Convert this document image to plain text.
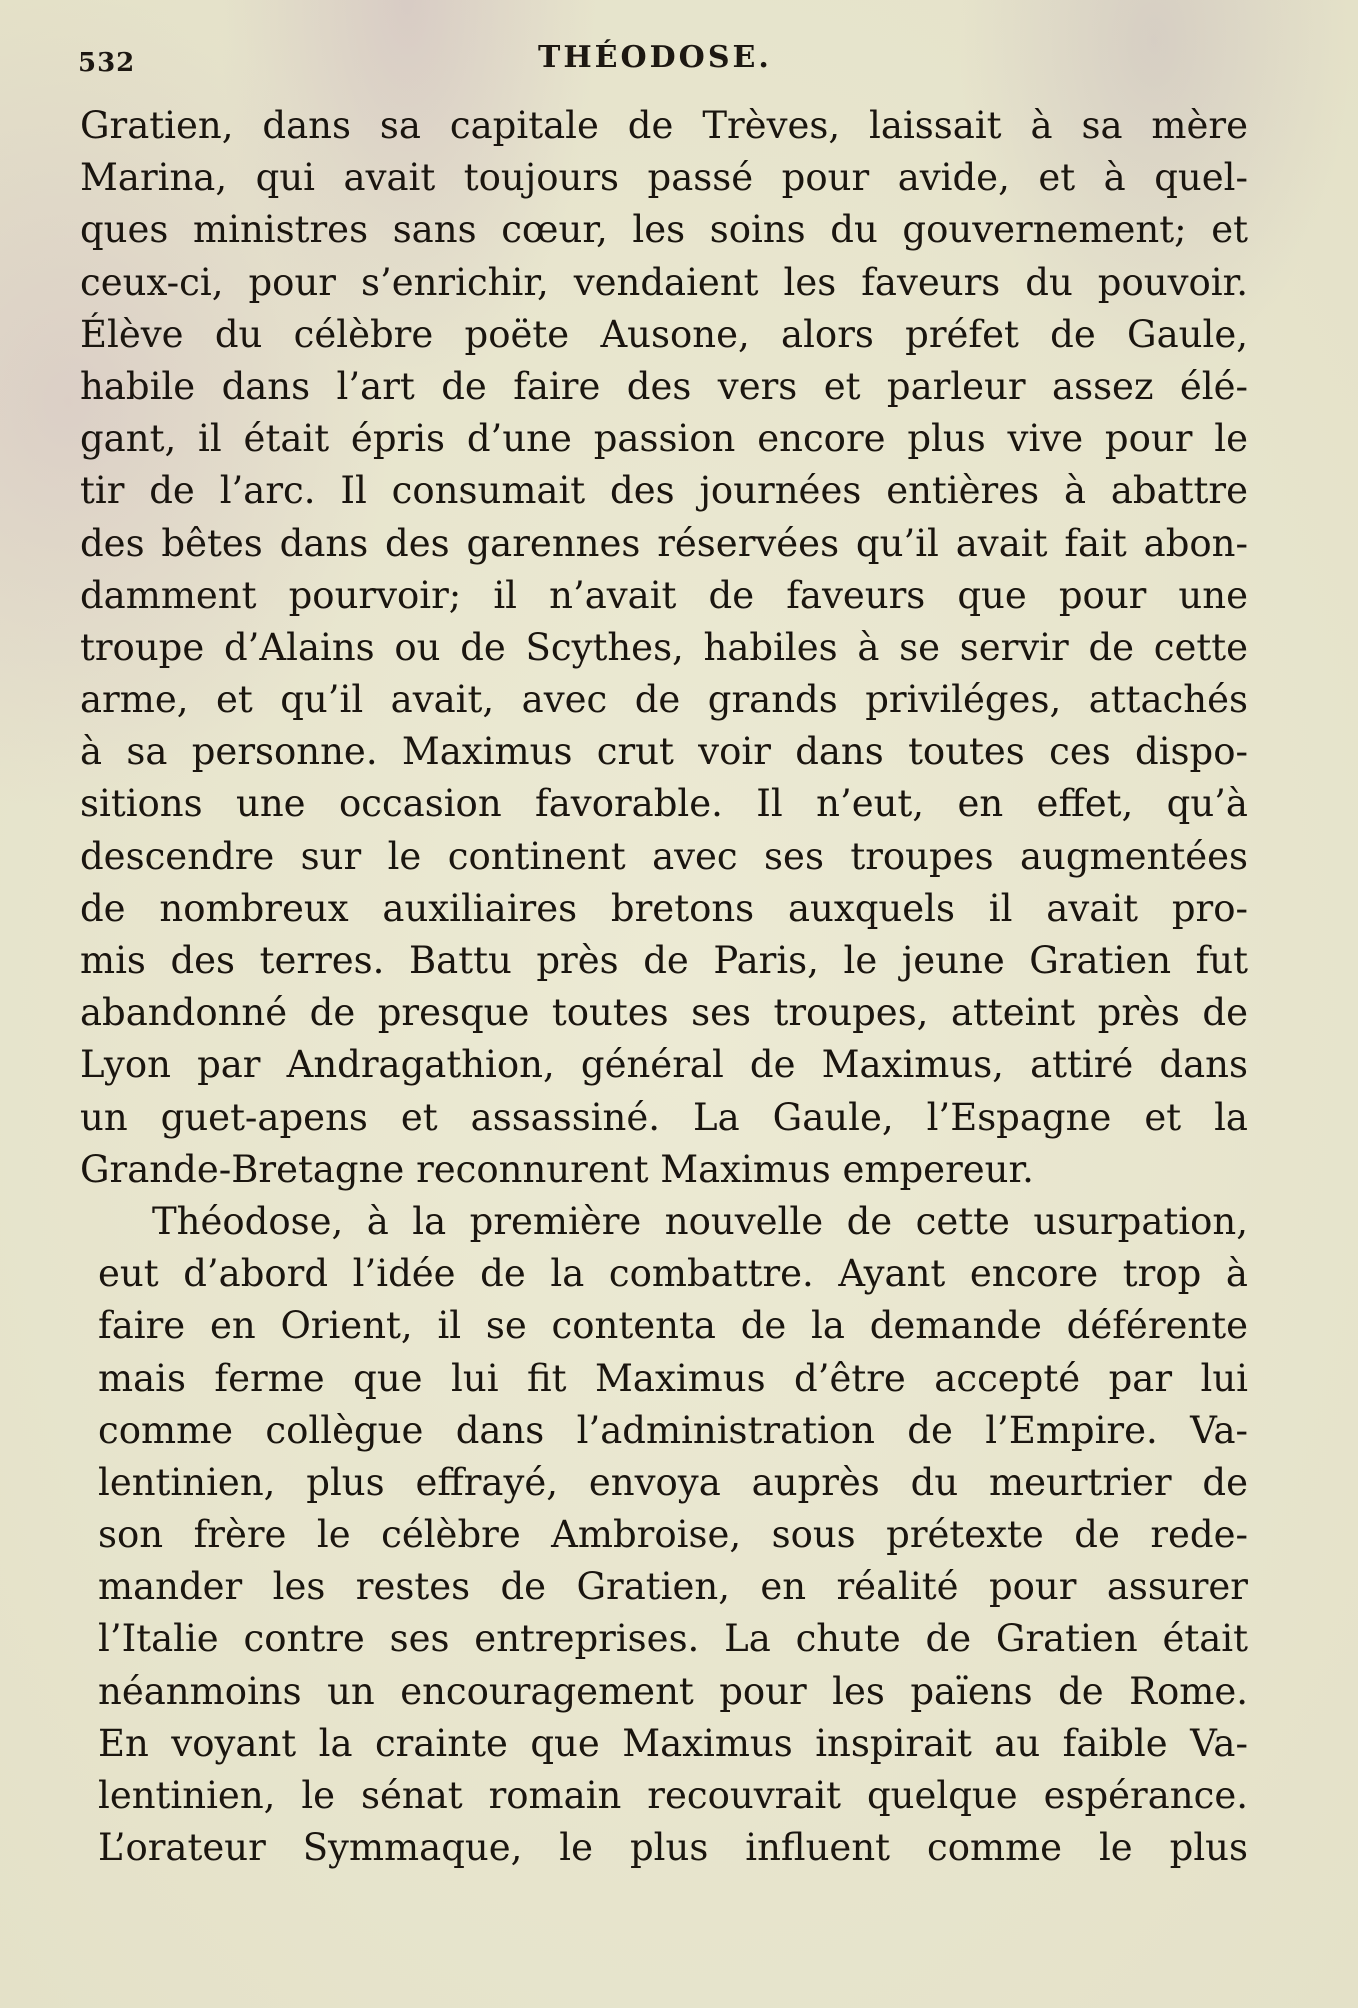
532	THÉODOSE.
Gratien, dans sa capitale de Trèves, laissait à sa mère
Marina, qui avait toujours passé pour avide, et à quel-
ques ministres sans cœur, les soins du gouvernement; et
ceux-ci, pour s’enrichir, vendaient les faveurs du pouvoir.
Élève du célèbre poëte Ausone, alors préfet de Gaule,
habile dans l’art de faire des vers et parleur assez élé-
gant, il était épris d’une passion encore plus vive pour le
tir de l’arc. Il consumait des journées entières à abattre
des bêtes dans des garennes réservées qu’il avait fait abon-
damment pourvoir; il n’avait de faveurs que pour une
troupe d’Alains ou de Scythes, habiles à se servir de cette
arme, et qu’il avait, avec de grands priviléges, attachés
à sa personne. Maximus crut voir dans toutes ces dispo-
sitions une occasion favorable. Il n’eut, en effet, qu’à
descendre sur le continent avec ses troupes augmentées
de nombreux auxiliaires bretons auxquels il avait pro-
mis des terres. Battu près de Paris, le jeune Gratien fut
abandonné de presque toutes ses troupes, atteint près de
Lyon par Andragathion, général de Maximus, attiré dans
un guet-apens et assassiné. La Gaule, l’Espagne et la
Grande-Bretagne reconnurent Maximus empereur.
Théodose, à la première nouvelle de cette usurpation,
eut d’abord l’idée de la combattre. Ayant encore trop à
faire en Orient, il se contenta de la demande déférente
mais ferme que lui fit Maximus d’être accepté par lui
comme collègue dans l’administration de l’Empire. Va-
lentinien, plus effrayé, envoya auprès du meurtrier de
son frère le célèbre Ambroise, sous prétexte de rede-
mander les restes de Gratien, en réalité pour assurer
l’Italie contre ses entreprises. La chute de Gratien était
néanmoins un encouragement pour les païens de Rome.
En voyant la crainte que Maximus inspirait au faible Va-
lentinien, le sénat romain recouvrait quelque espérance.
L’orateur Symmaque, le plus influent comme le plus
